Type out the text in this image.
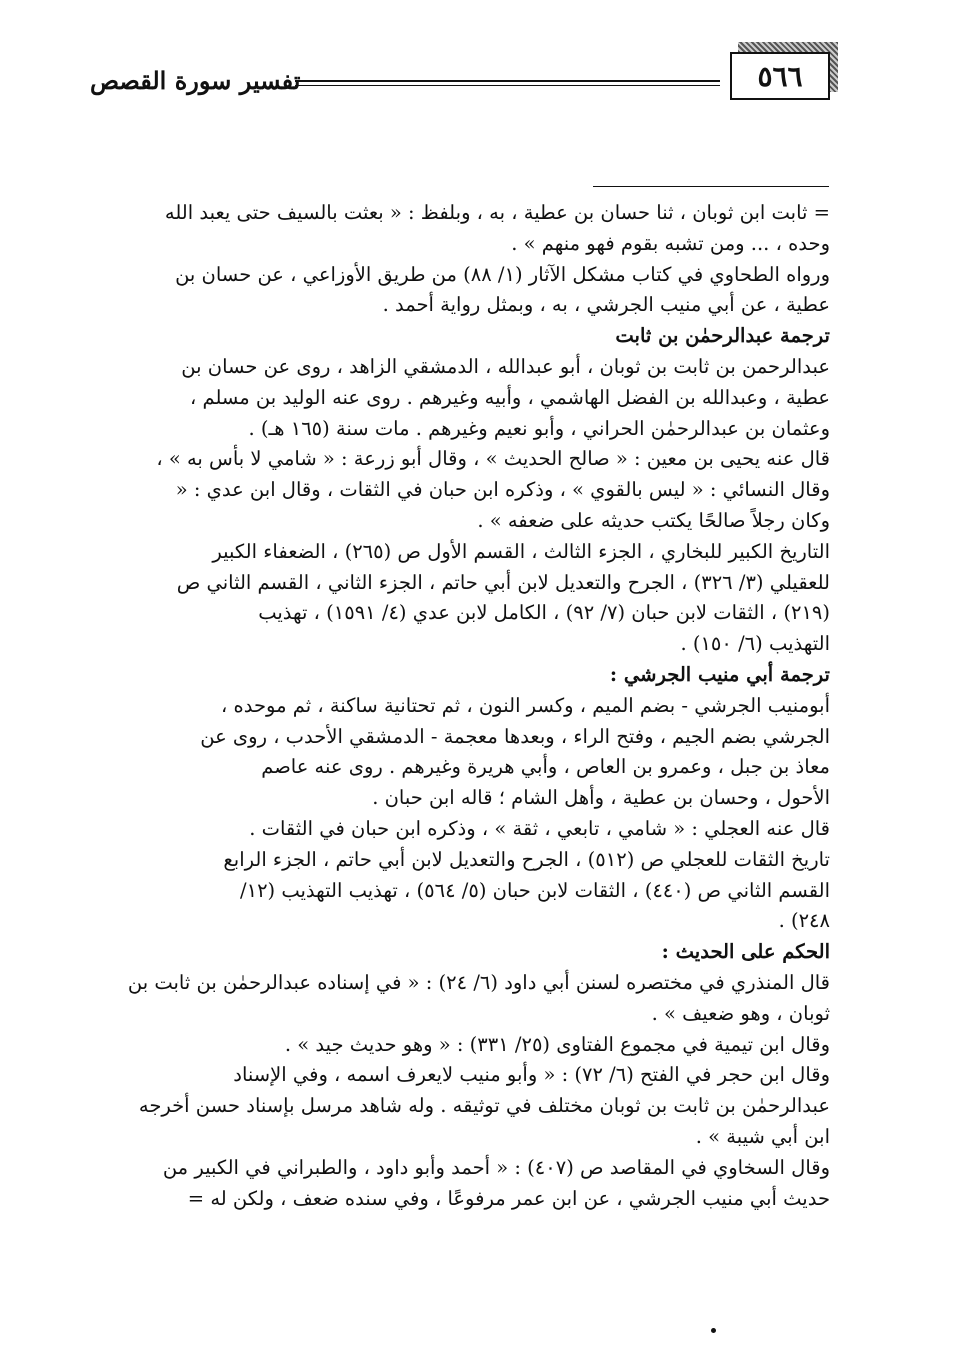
٥٦٦
تفسير سورة القصص
= ثابت ابن ثوبان ، ثنا حسان بن عطية ، به ، وبلفظ : « بعثت بالسيف حتى يعبد الله
وحده ، ... ومن تشبه بقوم فهو منهم » .
ورواه الطحاوي في كتاب مشكل الآثار (١/ ٨٨) من طريق الأوزاعي ، عن حسان بن
عطية ، عن أبي منيب الجرشي ، به ، وبمثل رواية أحمد .
ترجمة عبدالرحمٰن بن ثابت
عبدالرحمن بن ثابت بن ثوبان ، أبو عبدالله ، الدمشقي الزاهد ، روى عن حسان بن
عطية ، وعبدالله بن الفضل الهاشمي ، وأبيه وغيرهم . روى عنه الوليد بن مسلم ،
وعثمان بن عبدالرحمٰن الحراني ، وأبو نعيم وغيرهم . مات سنة (١٦٥ هـ) .
قال عنه يحيى بن معين : « صالح الحديث » ، وقال أبو زرعة : « شامي لا بأس به » ،
وقال النسائي : « ليس بالقوي » ، وذكره ابن حبان في الثقات ، وقال ابن عدي : «
وكان رجلاً صالحًا يكتب حديثه على ضعفه » .
التاريخ الكبير للبخاري ، الجزء الثالث ، القسم الأول ص (٢٦٥) ، الضعفاء الكبير
للعقيلي (٣/ ٣٢٦) ، الجرح والتعديل لابن أبي حاتم ، الجزء الثاني ، القسم الثاني ص
(٢١٩) ، الثقات لابن حبان (٧/ ٩٢) ، الكامل لابن عدي (٤/ ١٥٩١) ، تهذيب
التهذيب (٦/ ١٥٠) .
ترجمة أبي منيب الجرشي :
أبومنيب الجرشي - بضم الميم ، وكسر النون ، ثم تحتانية ساكنة ، ثم موحده ،
الجرشي بضم الجيم ، وفتح الراء ، وبعدها معجمة - الدمشقي الأحدب ، روى عن
معاذ بن جبل ، وعمرو بن العاص ، وأبي هريرة وغيرهم . روى عنه عاصم
الأحول ، وحسان بن عطية ، وأهل الشام ؛ قاله ابن حبان .
قال عنه العجلي : « شامي ، تابعي ، ثقة » ، وذكره ابن حبان في الثقات .
تاريخ الثقات للعجلي ص (٥١٢) ، الجرح والتعديل لابن أبي حاتم ، الجزء الرابع
القسم الثاني ص (٤٤٠) ، الثقات لابن حبان (٥/ ٥٦٤) ، تهذيب التهذيب (١٢/
٢٤٨) .
الحكم على الحديث :
قال المنذري في مختصره لسنن أبي داود (٦/ ٢٤) : « في إسناده عبدالرحمٰن بن ثابت بن
ثوبان ، وهو ضعيف » .
وقال ابن تيمية في مجموع الفتاوى (٢٥/ ٣٣١) : « وهو حديث جيد » .
وقال ابن حجر في الفتح (٦/ ٧٢) : « وأبو منيب لايعرف اسمه ، وفي الإسناد
عبدالرحمٰن بن ثابت بن ثوبان مختلف في توثيقه . وله شاهد مرسل بإسناد حسن أخرجه
ابن أبي شيبة » .
وقال السخاوي في المقاصد ص (٤٠٧) : « أحمد وأبو داود ، والطبراني في الكبير من
حديث أبي منيب الجرشي ، عن ابن عمر مرفوعًا ، وفي سنده ضعف ، ولكن له =
